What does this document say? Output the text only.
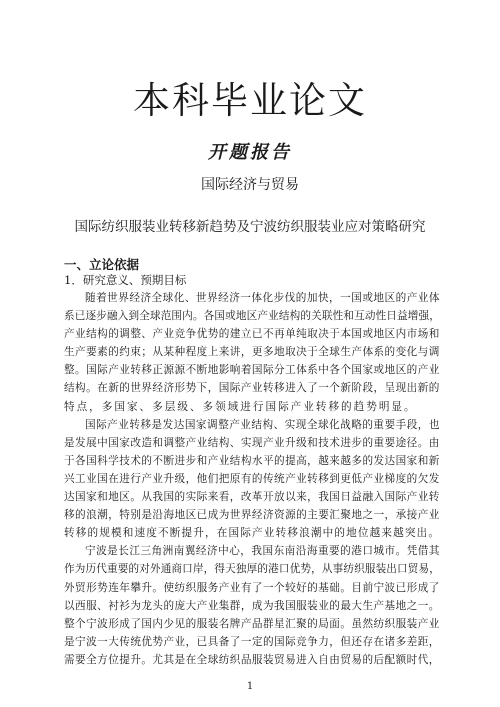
本科毕业论文
开题报告
国际经济与贸易
国际纺织服装业转移新趋势及宁波纺织服装业应对策略研究
一、立论依据
1．研究意义、预期目标
随着世界经济全球化、世界经济一体化步伐的加快，一国或地区的产业体
系已逐步融入到全球范围内。各国或地区产业结构的关联性和互动性日益增强，
产业结构的调整、产业竞争优势的建立已不再单纯取决于本国或地区内市场和
生产要素的约束；从某种程度上来讲，更多地取决于全球生产体系的变化与调
整。国际产业转移正源源不断地影响着国际分工体系中各个国家或地区的产业
结构。在新的世界经济形势下，国际产业转移进入了一个新阶段，呈现出新的
特点，多国家、多层级、多领域进行国际产业转移的趋势明显。
国际产业转移是发达国家调整产业结构、实现全球化战略的重要手段，也
是发展中国家改造和调整产业结构、实现产业升级和技术进步的重要途径。由
于各国科学技术的不断进步和产业结构水平的提高，越来越多的发达国家和新
兴工业国在进行产业升级，他们把原有的传统产业转移到更低产业梯度的欠发
达国家和地区。从我国的实际来看，改革开放以来，我国日益融入国际产业转
移的浪潮，特别是沿海地区已成为世界经济资源的主要汇聚地之一，承接产业
转移的规模和速度不断提升，在国际产业转移浪潮中的地位越来越突出。
宁波是长江三角洲南翼经济中心，我国东南沿海重要的港口城市。凭借其
作为历代重要的对外通商口岸，得天独厚的港口优势，从事纺织服装出口贸易，
外贸形势连年攀升。使纺织服务产业有了一个较好的基础。目前宁波已形成了
以西服、衬衫为龙头的庞大产业集群，成为我国服装业的最大生产基地之一。
整个宁波形成了国内少见的服装名牌产品群星汇聚的局面。虽然纺织服装产业
是宁波一大传统优势产业，已具备了一定的国际竞争力，但还存在诸多差距，
需要全方位提升。尤其是在全球纺织品服装贸易进入自由贸易的后配额时代，
1
